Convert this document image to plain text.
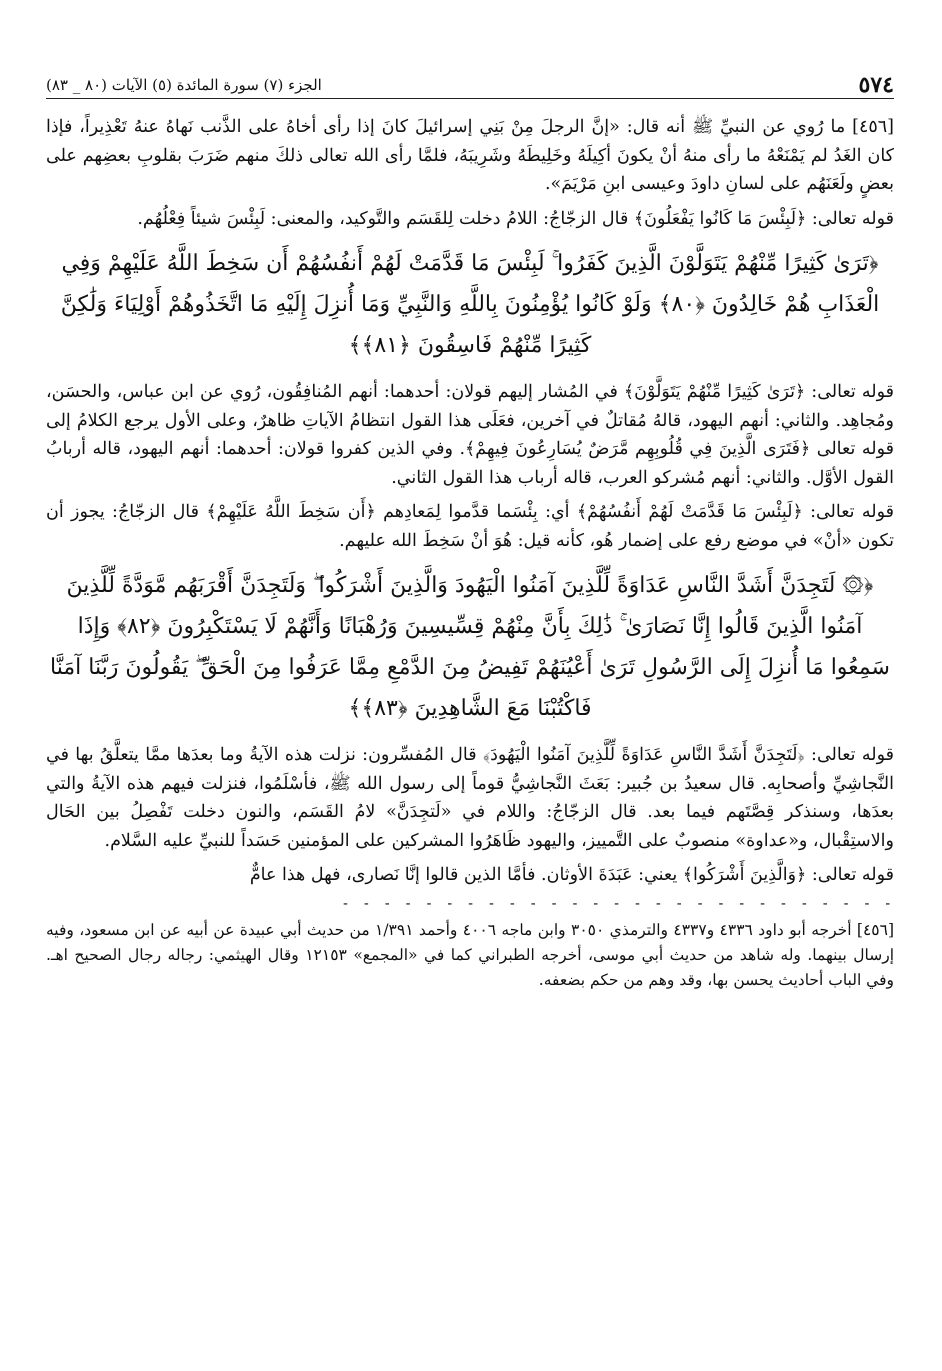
٥٧٤
الجزء (٧) سورة المائدة (٥) الآيات (٨٠ _ ٨٣)

[٤٥٦] ما رُوي عن النبيِّ ﷺ أنه قال: «إنَّ الرجلَ مِنْ بَنِي إسرائيلَ كانَ إذا رأى أخاهُ على الذَّنب نَهاهُ عنهُ تَعْذِيراً، فإذا كان الغَدُ لم يَمْنَعْهُ ما رأى منهُ أنْ يكونَ أكِيلَهُ وخَلِيطَهُ وشَرِيبَهُ، فلمَّا رأى الله تعالى ذلكَ منهم ضَرَبَ بقلوبِ بعضِهم على بعضٍ ولَعَنَهُم على لسانِ داودَ وعيسى ابنِ مَرْيَمَ».

قوله تعالى: ﴿لَبِئْسَ مَا كَانُوا يَفْعَلُونَ﴾ قال الزجّاجُ: اللامُ دخلت لِلقَسَم والتَّوكيد، والمعنى: لَبِئْسَ شيئاً فِعْلُهُم.

﴿تَرَىٰ كَثِيرًا مِّنْهُمْ يَتَوَلَّوْنَ الَّذِينَ كَفَرُوا ۚ لَبِئْسَ مَا قَدَّمَتْ لَهُمْ أَنفُسُهُمْ أَن سَخِطَ اللَّهُ عَلَيْهِمْ وَفِي الْعَذَابِ هُمْ خَالِدُونَ ﴿٨٠﴾ وَلَوْ كَانُوا يُؤْمِنُونَ بِاللَّهِ وَالنَّبِيِّ وَمَا أُنزِلَ إِلَيْهِ مَا اتَّخَذُوهُمْ أَوْلِيَاءَ وَلَٰكِنَّ كَثِيرًا مِّنْهُمْ فَاسِقُونَ ﴿٨١﴾﴾

قوله تعالى: ﴿تَرَىٰ كَثِيرًا مِّنْهُمْ يَتَوَلَّوْنَ﴾ في المُشار إليهم قولان: أحدهما: أنهم المُنافِقُون، رُوي عن ابن عباس، والحسَن، ومُجاهِد. والثاني: أنهم اليهود، قالهُ مُقاتلٌ في آخرين، فعَلَى هذا القول انتظامُ الآياتِ ظاهرٌ، وعلى الأول يرجع الكلامُ إلى قوله تعالى ﴿فَتَرَى الَّذِينَ فِي قُلُوبِهِم مَّرَضٌ يُسَارِعُونَ فِيهِمْ﴾. وفي الذين كفروا قولان: أحدهما: أنهم اليهود، قاله أربابُ القول الأوَّل. والثاني: أنهم مُشركو العرب، قاله أرباب هذا القول الثاني.

قوله تعالى: ﴿لَبِئْسَ مَا قَدَّمَتْ لَهُمْ أَنفُسُهُمْ﴾ أي: بِئْسَما قدَّموا لِمَعادِهم ﴿أَن سَخِطَ اللَّهُ عَلَيْهِمْ﴾ قال الزجّاجُ: يجوز أن تكون «أنْ» في موضع رفع على إضمار هُو، كأنه قيل: هُوَ أنْ سَخِطَ الله عليهم.

﴿۞ لَتَجِدَنَّ أَشَدَّ النَّاسِ عَدَاوَةً لِّلَّذِينَ آمَنُوا الْيَهُودَ وَالَّذِينَ أَشْرَكُوا ۖ وَلَتَجِدَنَّ أَقْرَبَهُم مَّوَدَّةً لِّلَّذِينَ آمَنُوا الَّذِينَ قَالُوا إِنَّا نَصَارَىٰ ۚ ذَٰلِكَ بِأَنَّ مِنْهُمْ قِسِّيسِينَ وَرُهْبَانًا وَأَنَّهُمْ لَا يَسْتَكْبِرُونَ ﴿٨٢﴾ وَإِذَا سَمِعُوا مَا أُنزِلَ إِلَى الرَّسُولِ تَرَىٰ أَعْيُنَهُمْ تَفِيضُ مِنَ الدَّمْعِ مِمَّا عَرَفُوا مِنَ الْحَقِّ ۖ يَقُولُونَ رَبَّنَا آمَنَّا فَاكْتُبْنَا مَعَ الشَّاهِدِينَ ﴿٨٣﴾﴾

قوله تعالى: ﴿لَتَجِدَنَّ أَشَدَّ النَّاسِ عَدَاوَةً لِّلَّذِينَ آمَنُوا الْيَهُودَ﴾ قال المُفسِّرون: نزلت هذه الآيةُ وما بعدَها ممَّا يتعلَّقُ بها في النَّجاشِيِّ وأصحابِه. قال سعيدُ بن جُبير: بَعَثَ النَّجاشِيُّ قوماً إلى رسول الله ﷺ، فأسْلَمُوا، فنزلت فيهم هذه الآيةُ والتي بعدَها، وسنذكر قِصَّتَهم فيما بعد. قال الزجّاجُ: واللام في «لَتجِدَنَّ» لامُ القَسَم، والنون دخلت تَفْصِلُ بين الحَال والاستِقْبال، و«عداوة» منصوبٌ على التَّمييز، واليهود ظَاهَرُوا المشركين على المؤمنين حَسَداً للنبيِّ عليه السَّلام.

قوله تعالى: ﴿وَالَّذِينَ أَشْرَكُوا﴾ يعني: عَبَدَةَ الأوثان. فأمَّا الذين قالوا إنَّا نَصارى، فهل هذا عامٌّ

- - - - - - - - - - - - - - - - - - - - - - - - - - -

[٤٥٦] أخرجه أبو داود ٤٣٣٦ و٤٣٣٧ والترمذي ٣٠٥٠ وابن ماجه ٤٠٠٦ وأحمد ١/٣٩١ من حديث أبي عبيدة عن أبيه عن ابن مسعود، وفيه إرسال بينهما. وله شاهد من حديث أبي موسى، أخرجه الطبراني كما في «المجمع» ١٢١٥٣ وقال الهيثمي: رجاله رجال الصحيح اهـ. وفي الباب أحاديث يحسن بها، وقد وهم من حكم بضعفه.
